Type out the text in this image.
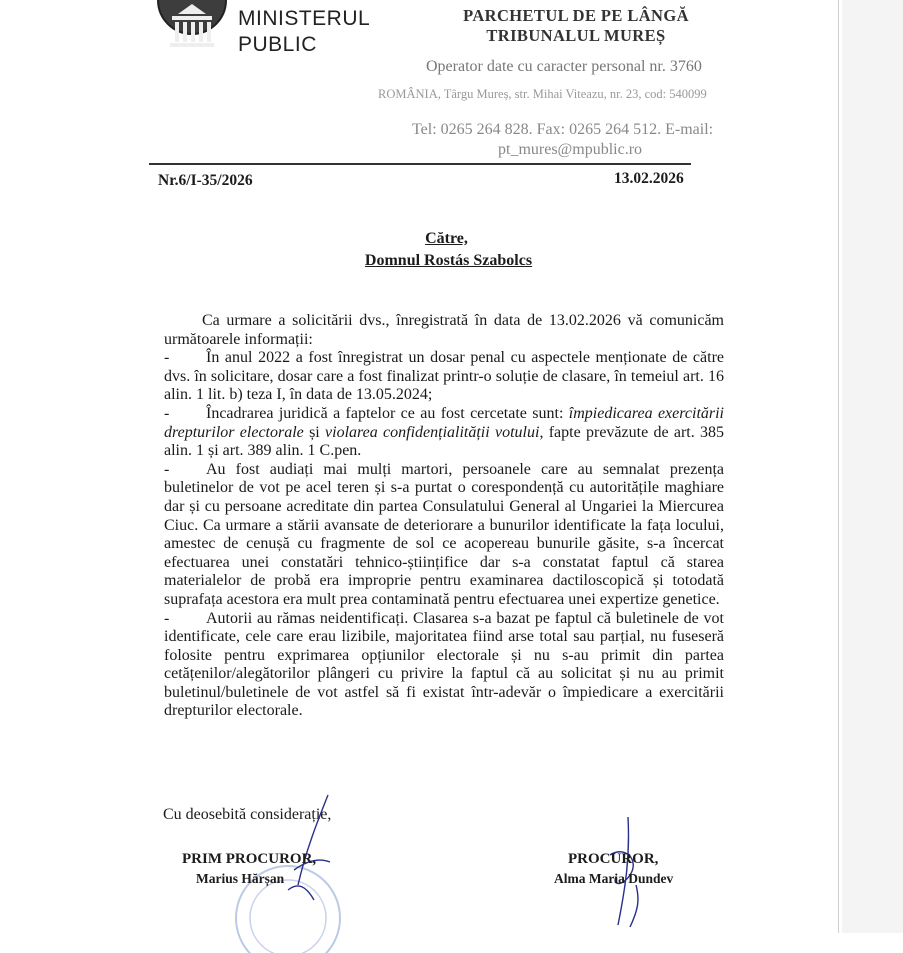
MINISTERUL
PUBLIC
PARCHETUL DE PE LÂNGĂ
TRIBUNALUL MUREȘ
Operator date cu caracter personal nr. 3760
ROMÂNIA, Târgu Mureș, str. Mihai Viteazu, nr. 23, cod: 540099
Tel: 0265 264 828. Fax: 0265 264 512. E-mail:
pt_mures@mpublic.ro
Nr.6/I-35/2026	13.02.2026
Către,
Domnul Rostás Szabolcs

Ca urmare a solicitării dvs., înregistrată în data de 13.02.2026 vă comunicăm următoarele informații:

- În anul 2022 a fost înregistrat un dosar penal cu aspectele menționate de către dvs. în solicitare, dosar care a fost finalizat printr-o soluție de clasare, în temeiul art. 16 alin. 1 lit. b) teza I, în data de 13.05.2024;

- Încadrarea juridică a faptelor ce au fost cercetate sunt: împiedicarea exercitării drepturilor electorale și violarea confidențialității votului, fapte prevăzute de art. 385 alin. 1 și art. 389 alin. 1 C.pen.

- Au fost audiați mai mulți martori, persoanele care au semnalat prezența buletinelor de vot pe acel teren și s-a purtat o corespondență cu autoritățile maghiare dar și cu persoane acreditate din partea Consulatului General al Ungariei la Miercurea Ciuc. Ca urmare a stării avansate de deteriorare a bunurilor identificate la fața locului, amestec de cenușă cu fragmente de sol ce acopereau bunurile găsite, s-a încercat efectuarea unei constatări tehnico-științifice dar s-a constatat faptul că starea materialelor de probă era improprie pentru examinarea dactiloscopică și totodată suprafața acestora era mult prea contaminată pentru efectuarea unei expertize genetice.

- Autorii au rămas neidentificați. Clasarea s-a bazat pe faptul că buletinele de vot identificate, cele care erau lizibile, majoritatea fiind arse total sau parțial, nu fuseseră folosite pentru exprimarea opțiunilor electorale și nu s-au primit din partea cetățenilor/alegătorilor plângeri cu privire la faptul că au solicitat și nu au primit buletinul/buletinele de vot astfel să fi existat într-adevăr o împiedicare a exercitării drepturilor electorale.

Cu deosebită considerație,
PRIM PROCUROR,
Marius Hărșan
PROCUROR,
Alma Maria Dundev
